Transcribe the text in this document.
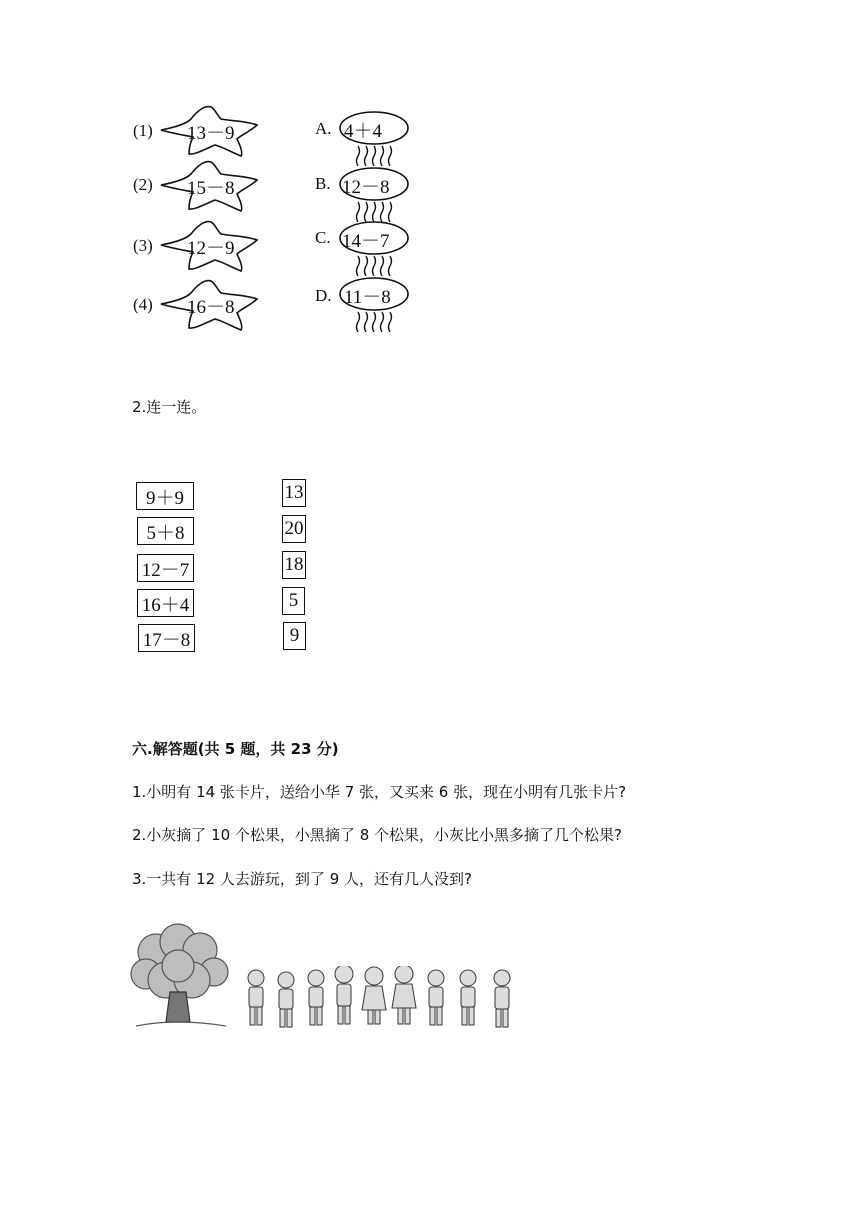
(1)
(2)
(3)
(4)
13－9
15－8
12－9
16－8
A.
B.
C.
D.
4＋4
12－8
14－7
11－8
2.连一连。
9＋9
5＋8
12－7
16＋4
17－8
13
20
18
5
9
六.解答题(共 5 题，共 23 分)
1.小明有 14 张卡片，送给小华 7 张，又买来 6 张，现在小明有几张卡片?
2.小灰摘了 10 个松果，小黑摘了 8 个松果，小灰比小黑多摘了几个松果?
3.一共有 12 人去游玩，到了 9 人，还有几人没到?
